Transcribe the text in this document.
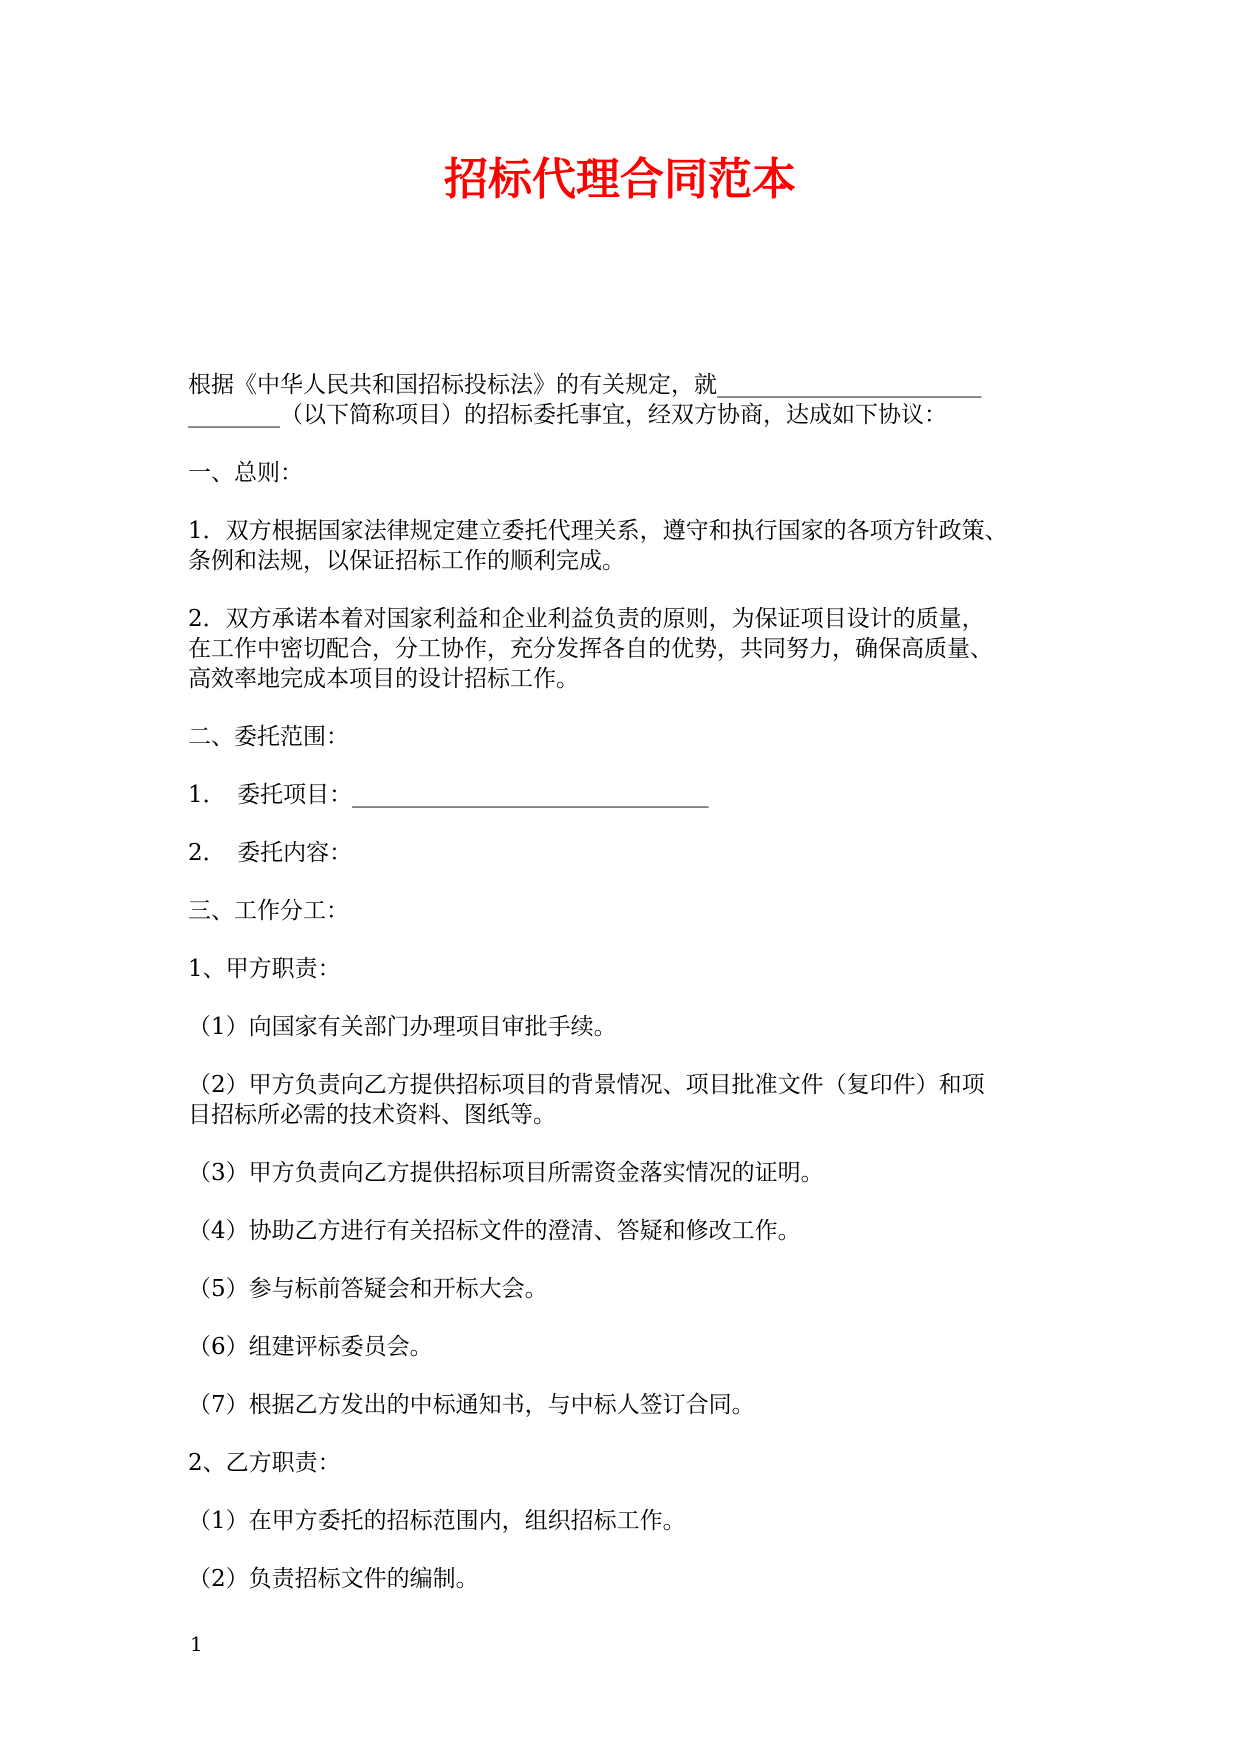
招标代理合同范本
根据《中华人民共和国招标投标法》的有关规定，就_______________________
________（以下简称项目）的招标委托事宜，经双方协商，达成如下协议：
一、总则：
1．双方根据国家法律规定建立委托代理关系，遵守和执行国家的各项方针政策、
条例和法规，以保证招标工作的顺利完成。
2．双方承诺本着对国家利益和企业利益负责的原则，为保证项目设计的质量，
在工作中密切配合，分工协作，充分发挥各自的优势，共同努力，确保高质量、
高效率地完成本项目的设计招标工作。
二、委托范围：
1．　委托项目：_______________________________
2．　委托内容：
三、工作分工：
1、甲方职责：
（1）向国家有关部门办理项目审批手续。
（2）甲方负责向乙方提供招标项目的背景情况、项目批准文件（复印件）和项
目招标所必需的技术资料、图纸等。
（3）甲方负责向乙方提供招标项目所需资金落实情况的证明。
（4）协助乙方进行有关招标文件的澄清、答疑和修改工作。
（5）参与标前答疑会和开标大会。
（6）组建评标委员会。
（7）根据乙方发出的中标通知书，与中标人签订合同。
2、乙方职责：
（1）在甲方委托的招标范围内，组织招标工作。
（2）负责招标文件的编制。
1
